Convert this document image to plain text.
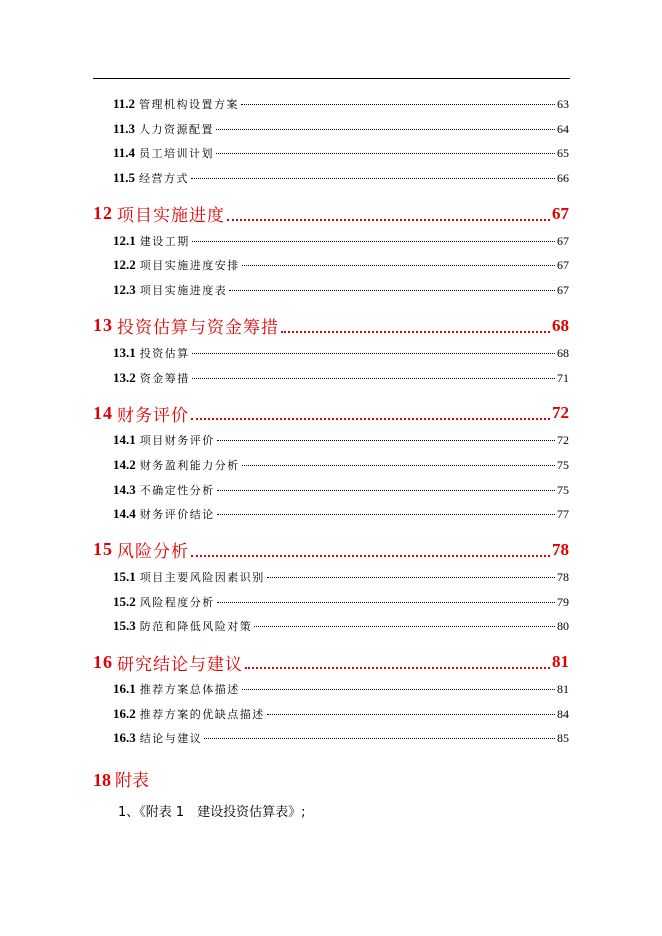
11.2 管理机构设置方案	63
11.3 人力资源配置	64
11.4 员工培训计划	65
11.5 经营方式	66
12 项目实施进度	67
12.1 建设工期	67
12.2 项目实施进度安排	67
12.3 项目实施进度表	67
13 投资估算与资金筹措	68
13.1 投资估算	68
13.2 资金筹措	71
14 财务评价	72
14.1 项目财务评价	72
14.2 财务盈利能力分析	75
14.3 不确定性分析	75
14.4 财务评价结论	77
15 风险分析	78
15.1 项目主要风险因素识别	78
15.2 风险程度分析	79
15.3 防范和降低风险对策	80
16 研究结论与建议	81
16.1 推荐方案总体描述	81
16.2 推荐方案的优缺点描述	84
16.3 结论与建议	85
18 附表
1、《附表 1　建设投资估算表》;
